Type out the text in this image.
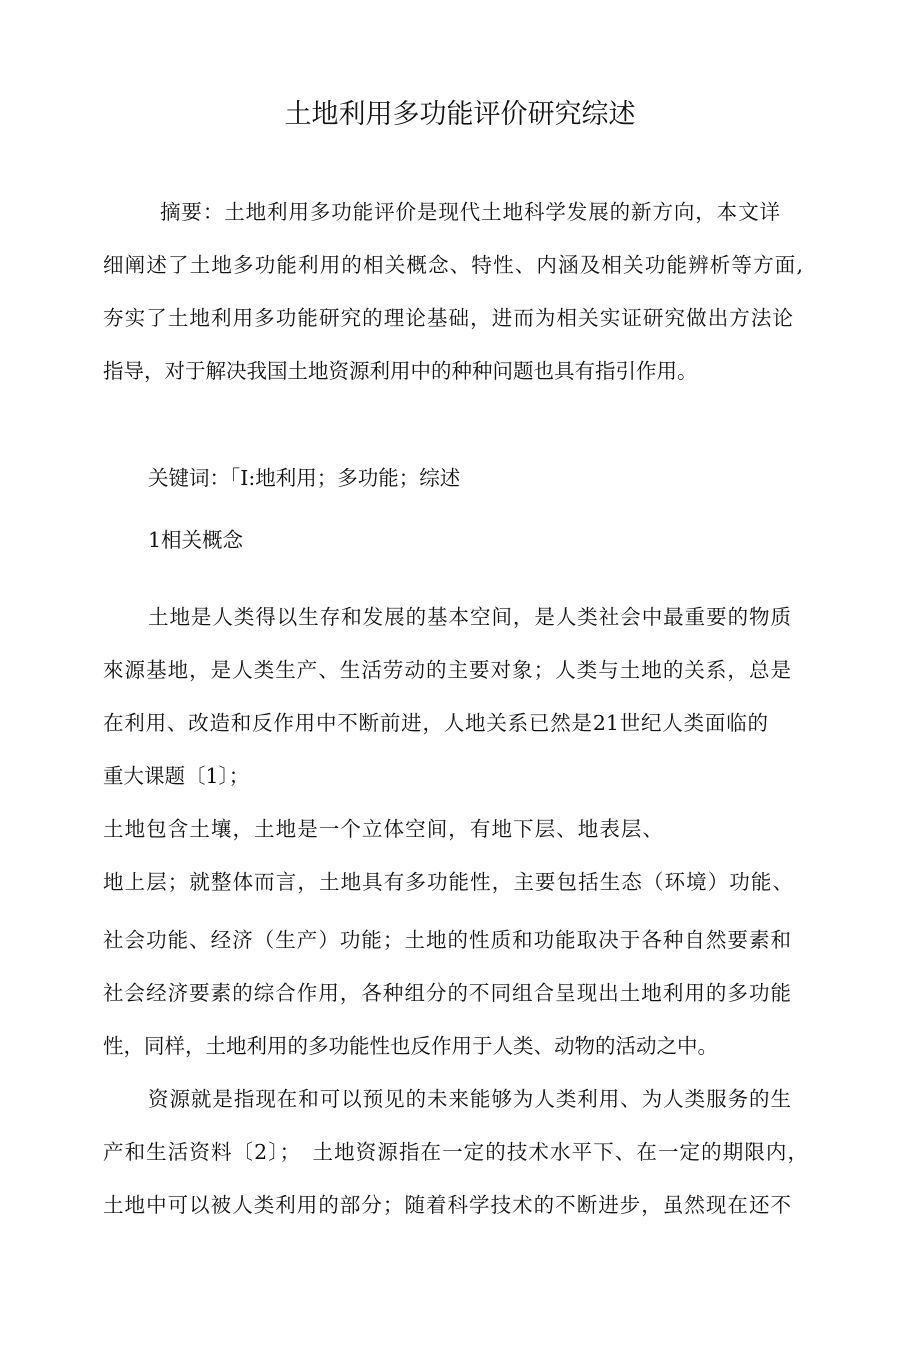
土地利用多功能评价研究综述
摘要：土地利用多功能评价是现代土地科学发展的新方向，本文详
细阐述了土地多功能利用的相关概念、特性、内涵及相关功能辨析等方面,
夯实了土地利用多功能研究的理论基础，进而为相关实证研究做出方法论
指导，对于解决我国土地资源利用中的种种问题也具有指引作用。
关键词：「I:地利用；多功能；综述
1相关概念
土地是人类得以生存和发展的基本空间，是人类社会中最重要的物质
來源基地，是人类生产、生活劳动的主要对象；人类与土地的关系，总是
在利用、改造和反作用中不断前进，人地关系已然是21世纪人类面临的
重大课题〔1〕；
土地包含土壤，土地是一个立体空间，有地下层、地表层、
地上层；就整体而言，土地具有多功能性，主要包括生态（环境）功能、
社会功能、经济（生产）功能；土地的性质和功能取决于各种自然要素和
社会经济要素的综合作用，各种组分的不同组合呈现出土地利用的多功能
性，同样，土地利用的多功能性也反作用于人类、动物的活动之中。
资源就是指现在和可以预见的未来能够为人类利用、为人类服务的生
产和生活资料〔2〕；　土地资源指在一定的技术水平下、在一定的期限内，
土地中可以被人类利用的部分；随着科学技术的不断进步，虽然现在还不
